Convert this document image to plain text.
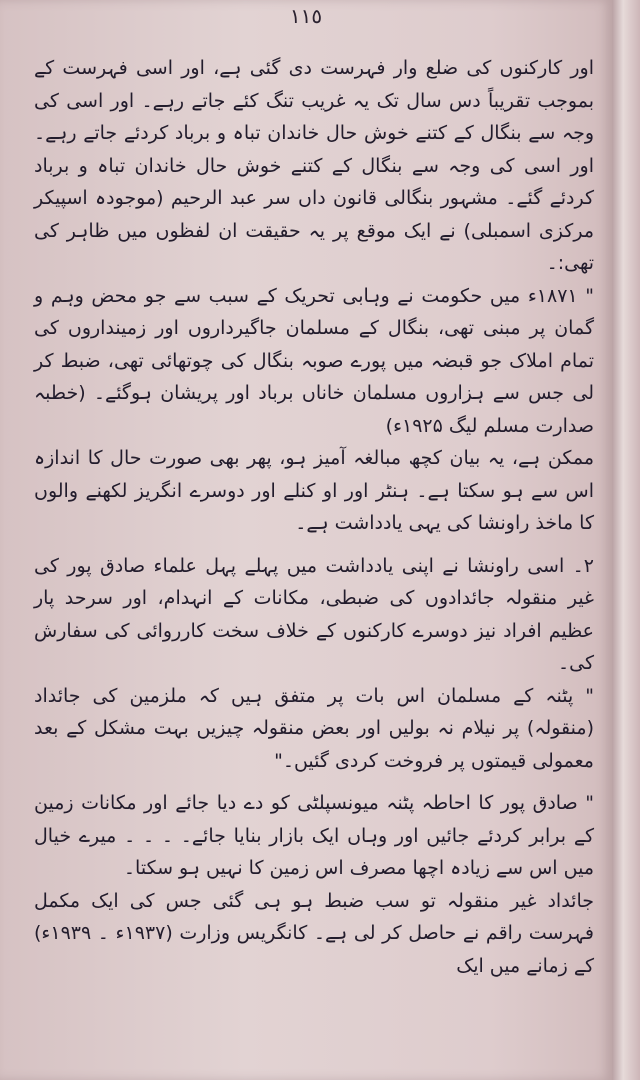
١١٥

اور کارکنوں کی ضلع وار فہرست دی گئی ہے، اور اسی فہرست کے بموجب تقریباً دس سال تک یہ غریب تنگ کئے جاتے رہے۔ اور اسی کی وجہ سے بنگال کے کتنے خوش حال خاندان تباہ و برباد کردئے جاتے رہے۔ اور اسی کی وجہ سے بنگال کے کتنے خوش حال خاندان تباہ و برباد کردئے گئے۔ مشہور بنگالی قانون داں سر عبد الرحیم (موجودہ اسپیکر مرکزی اسمبلی) نے ایک موقع پر یہ حقیقت ان لفظوں میں ظاہر کی تھی:۔

" ۱۸۷۱ء میں حکومت نے وہابی تحریک کے سبب سے جو محض وہم و گمان پر مبنی تھی، بنگال کے مسلمان جاگیرداروں اور زمینداروں کی تمام املاک جو قبضہ میں پورے صوبہ بنگال کی چوتھائی تھی، ضبط کر لی جس سے ہزاروں مسلمان خاناں برباد اور پریشان ہوگئے۔ (خطبہ صدارت مسلم لیگ ۱۹۲۵ء)

ممکن ہے، یہ بیان کچھ مبالغہ آمیز ہو، پھر بھی صورت حال کا اندازہ اس سے ہو سکتا ہے۔ ہنٹر اور او کنلے اور دوسرے انگریز لکھنے والوں کا ماخذ راونشا کی یہی یادداشت ہے۔

۲۔ اسی راونشا نے اپنی یادداشت میں پہلے پہل علماء صادق پور کی غیر منقولہ جائدادوں کی ضبطی، مکانات کے انہدام، اور سرحد پار عظیم افراد نیز دوسرے کارکنوں کے خلاف سخت کارروائی کی سفارش کی۔

" پٹنہ کے مسلمان اس بات پر متفق ہیں کہ ملزمین کی جائداد (منقولہ) پر نیلام نہ بولیں اور بعض منقولہ چیزیں بہت مشکل کے بعد معمولی قیمتوں پر فروخت کردی گئیں۔"

" صادق پور کا احاطہ پٹنہ میونسپلٹی کو دے دیا جائے اور مکانات زمین کے برابر کردئے جائیں اور وہاں ایک بازار بنایا جائے۔ ۔ ۔ ۔ میرے خیال میں اس سے زیادہ اچھا مصرف اس زمین کا نہیں ہو سکتا۔

جائداد غیر منقولہ تو سب ضبط ہو ہی گئی جس کی ایک مکمل فہرست راقم نے حاصل کر لی ہے۔ کانگریس وزارت (۱۹۳۷ء ۔ ۱۹۳۹ء) کے زمانے میں ایک
